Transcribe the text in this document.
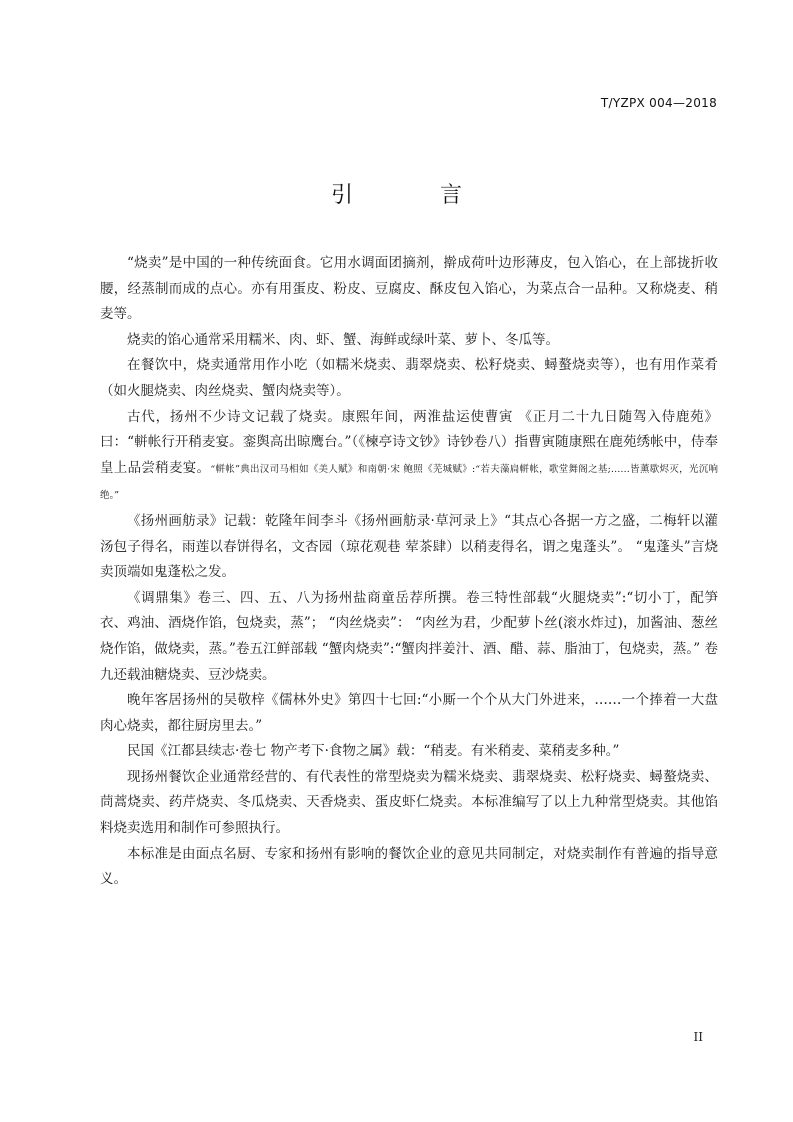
T/YZPX 004—2018
引 言

“烧卖”是中国的一种传统面食。它用水调面团摘剂，擀成荷叶边形薄皮，包入馅心，在上部拢折收腰，经蒸制而成的点心。亦有用蛋皮、粉皮、豆腐皮、酥皮包入馅心，为菜点合一品种。又称烧麦、稍麦等。

烧卖的馅心通常采用糯米、肉、虾、蟹、海鲜或绿叶菜、萝卜、冬瓜等。

在餐饮中，烧卖通常用作小吃（如糯米烧卖、翡翠烧卖、松籽烧卖、蟳螯烧卖等），也有用作菜肴（如火腿烧卖、肉丝烧卖、蟹肉烧卖等）。

古代，扬州不少诗文记载了烧卖。康熙年间，两淮盐运使曹寅 《正月二十九日随驾入侍鹿苑》曰：“軿帐行开稍麦宴。銮舆高出晾鹰台。”（《楝亭诗文钞》诗钞卷八）指曹寅随康熙在鹿苑绣帐中，侍奉皇上品尝稍麦宴。“軿帐”典出汉司马相如《美人赋》和南朝·宋 鲍照《芜城赋》:“若夫藻扃軿帐，歌堂舞阁之基;……皆薰歇烬灭，光沉响绝。”

《扬州画舫录》记载：乾隆年间李斗《扬州画舫录·草河录上》“其点心各据一方之盛，二梅轩以灌汤包子得名，雨莲以春饼得名，文杏园（琼花观巷 荤茶肆）以稍麦得名，谓之鬼蓬头”。 “鬼蓬头”言烧卖顶端如鬼蓬松之发。

《调鼎集》卷三、四、五、八为扬州盐商童岳荐所撰。卷三特性部载“火腿烧卖”:“切小丁，配笋衣、鸡油、酒烧作馅，包烧卖，蒸”； “肉丝烧卖”： “肉丝为君，少配萝卜丝(滚水炸过)，加酱油、葱丝烧作馅，做烧卖，蒸。”卷五江鲜部载 “蟹肉烧卖”:“蟹肉拌姜汁、酒、醋、蒜、脂油丁，包烧卖，蒸。” 卷九还载油糖烧卖、豆沙烧卖。

晚年客居扬州的吴敬梓《儒林外史》第四十七回:“小厮一个个从大门外进来，……一个捧着一大盘肉心烧卖，都往厨房里去。”

民国《江都县续志·卷七 物产考下·食物之属》载：“稍麦。有米稍麦、菜稍麦多种。”

现扬州餐饮企业通常经营的、有代表性的常型烧卖为糯米烧卖、翡翠烧卖、松籽烧卖、蟳螯烧卖、茼蒿烧卖、药芹烧卖、冬瓜烧卖、天香烧卖、蛋皮虾仁烧卖。本标准编写了以上九种常型烧卖。其他馅料烧卖选用和制作可参照执行。

本标准是由面点名厨、专家和扬州有影响的餐饮企业的意见共同制定，对烧卖制作有普遍的指导意义。

II
